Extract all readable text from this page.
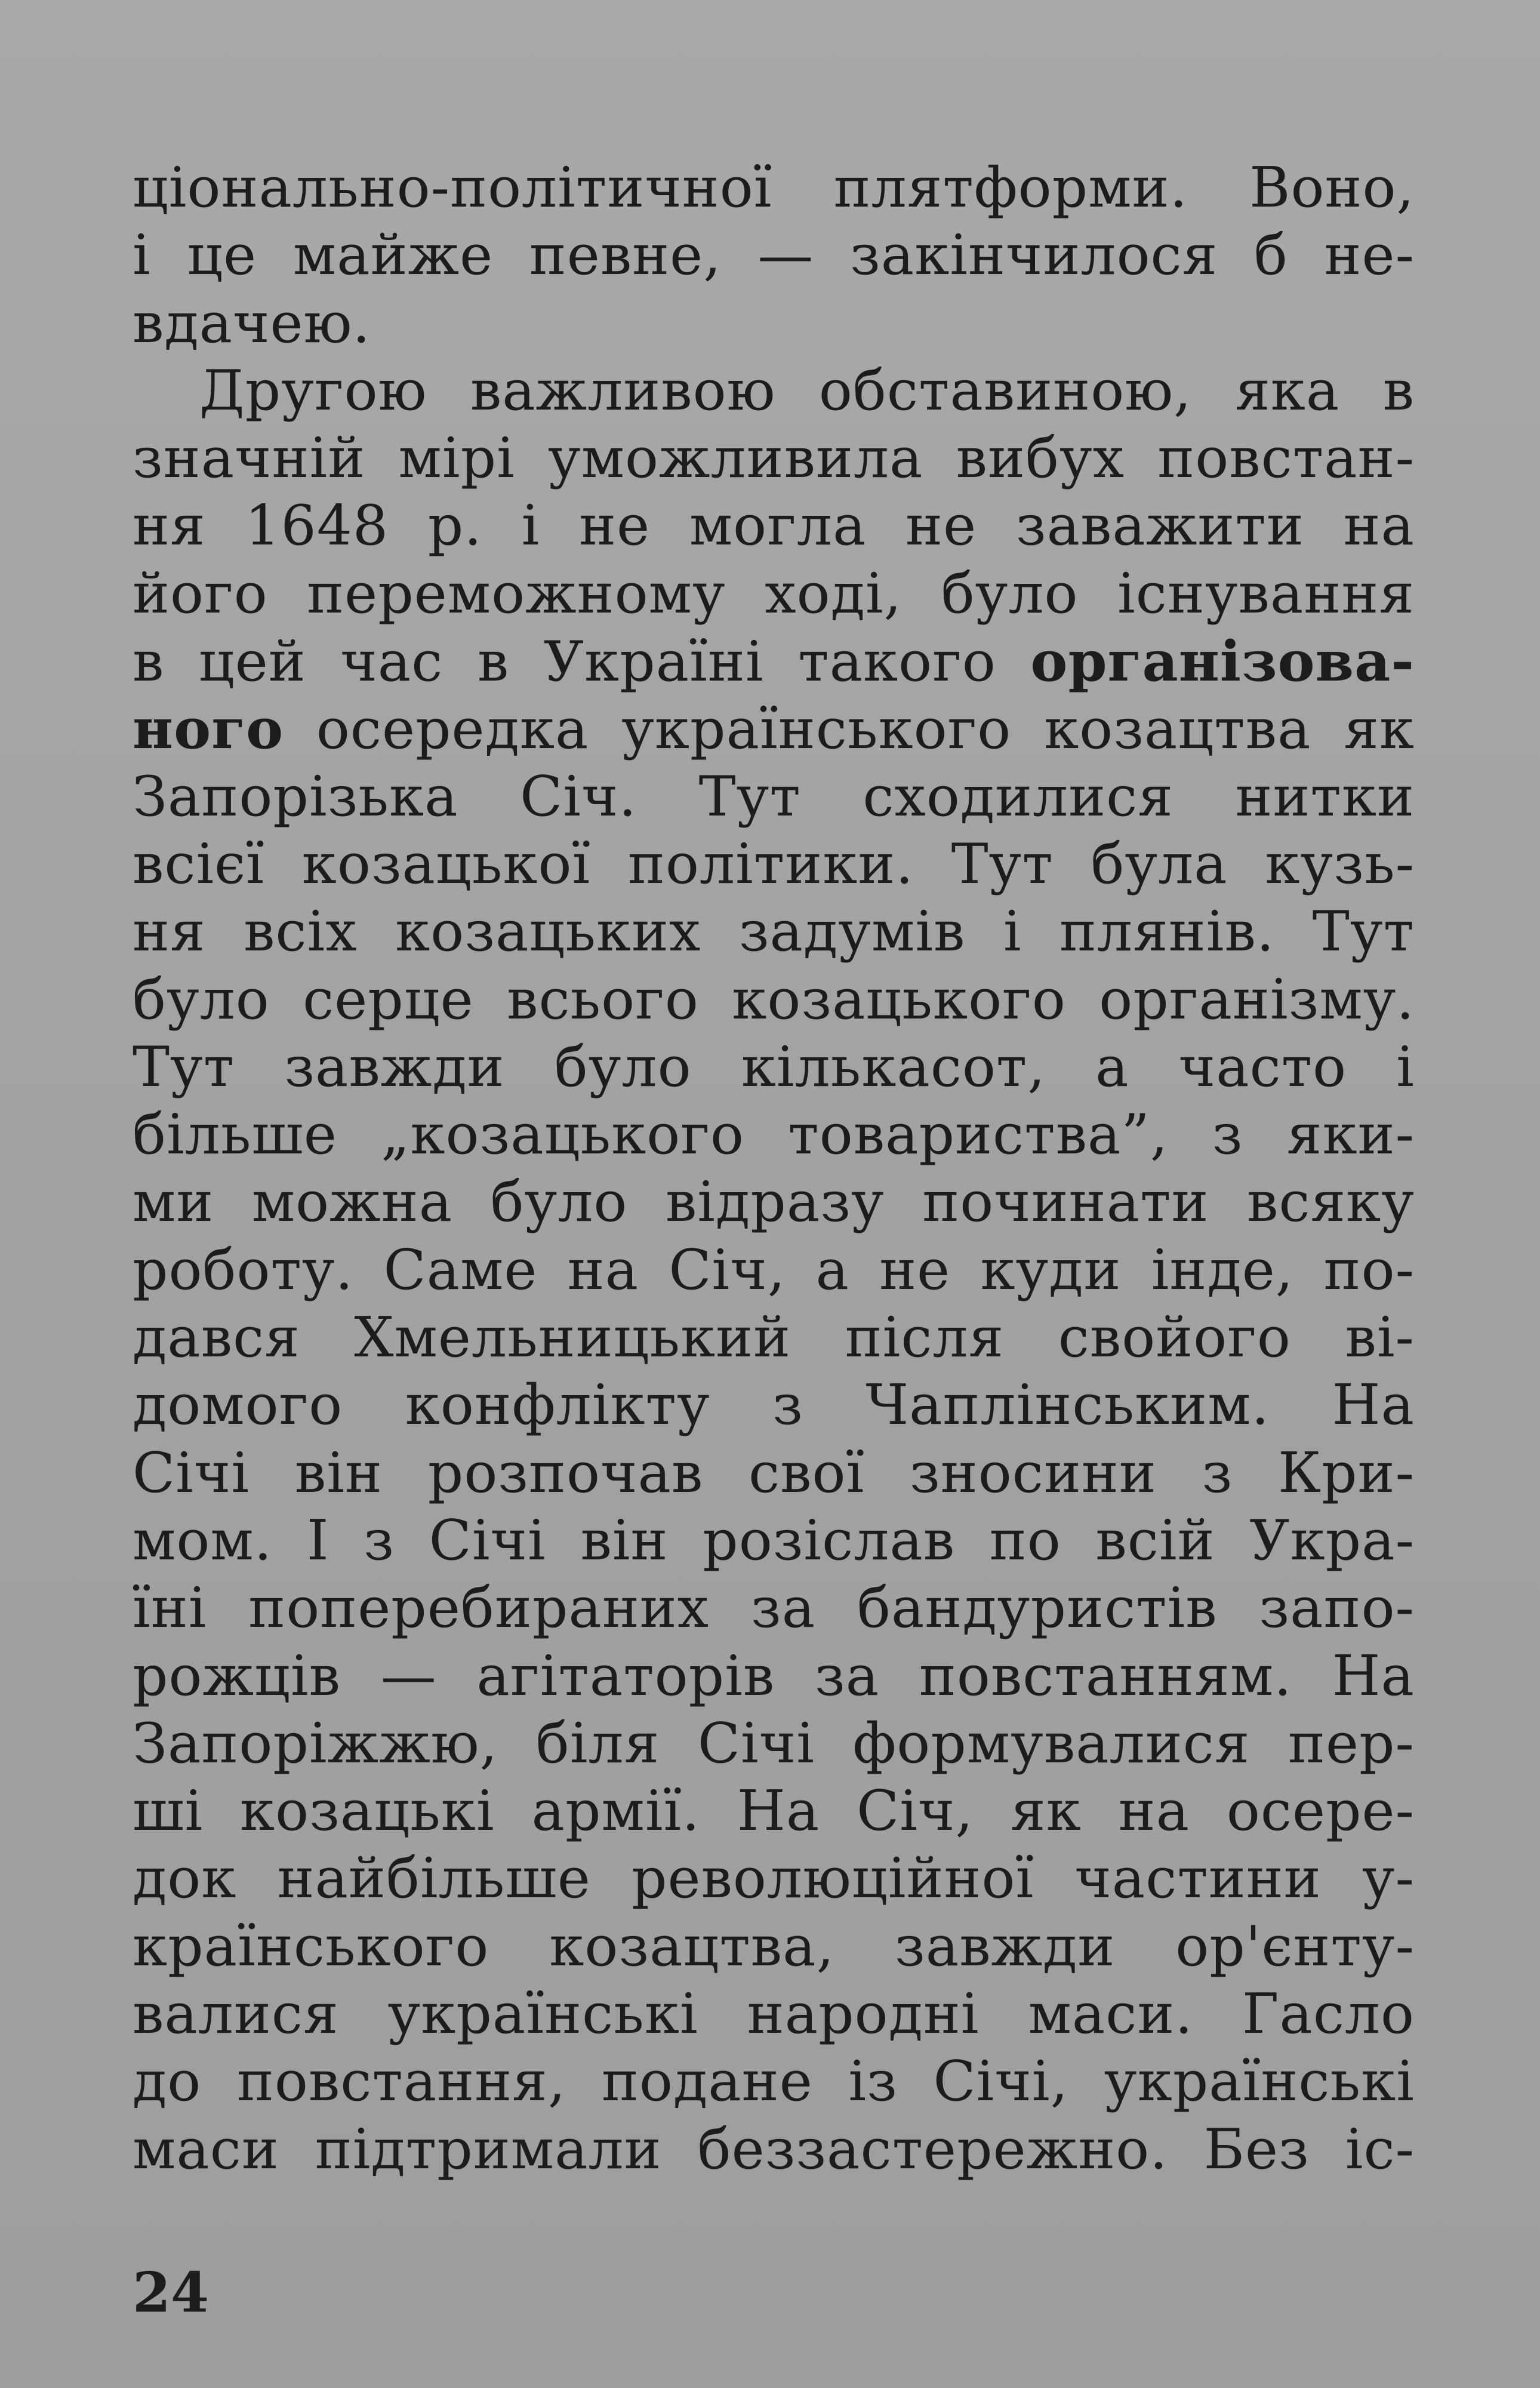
ціонально-політичної плятформи. Воно,
і це майже певне, — закінчилося б не-
вдачею.
Другою важливою обставиною, яка в
значній мірі уможливила вибух повстан-
ня 1648 р. і не могла не заважити на
його переможному ході, було існування
в цей час в Україні такого організова-
ного осередка українського козацтва як
Запорізька Січ. Тут сходилися нитки
всієї козацької політики. Тут була кузь-
ня всіх козацьких задумів і плянів. Тут
було серце всього козацького організму.
Тут завжди було кількасот, а часто і
більше „козацького товариства”, з яки-
ми можна було відразу починати всяку
роботу. Саме на Січ, а не куди інде, по-
дався Хмельницький після свойого ві-
домого конфлікту з Чаплінським. На
Січі він розпочав свої зносини з Кри-
мом. І з Січі він розіслав по всій Укра-
їні поперебираних за бандуристів запо-
рожців — агітаторів за повстанням. На
Запоріжжю, біля Січі формувалися пер-
ші козацькі армії. На Січ, як на осере-
док найбільше революційної частини у-
країнського козацтва, завжди ор'єнту-
валися українські народні маси. Гасло
до повстання, подане із Січі, українські
маси підтримали беззастережно. Без іс-
24
